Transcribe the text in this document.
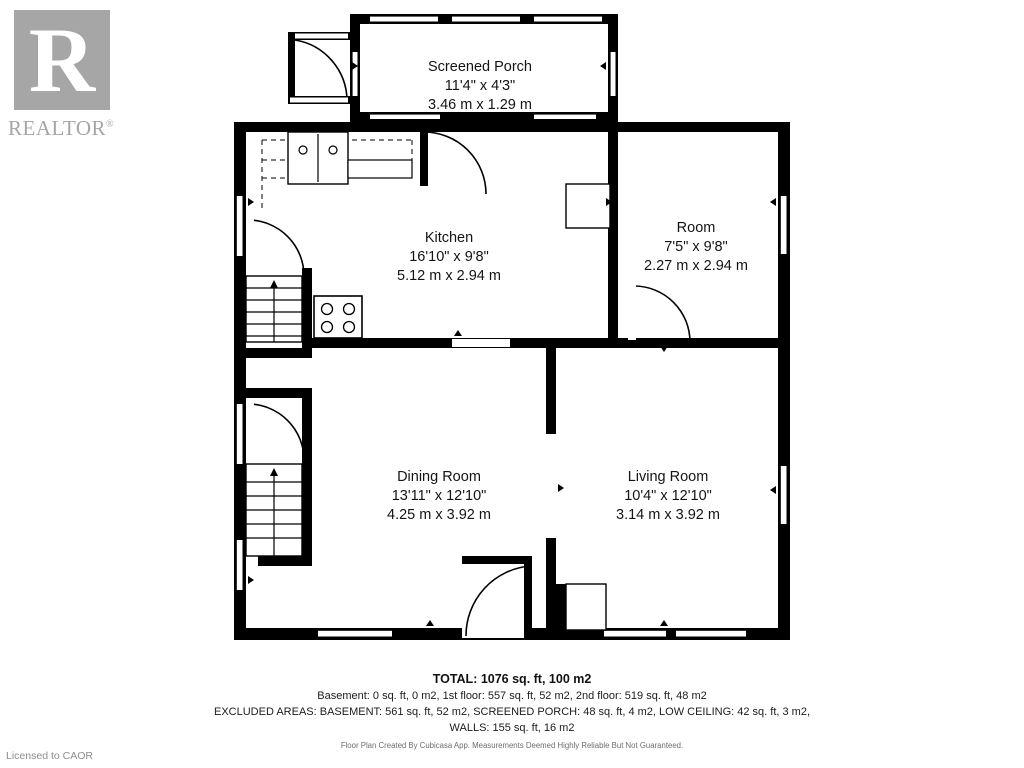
R
REALTOR®
Screened Porch
11'4" x 4'3"
3.46 m x 1.29 m
Kitchen
16'10" x 9'8"
5.12 m x 2.94 m
Room
7'5" x 9'8"
2.27 m x 2.94 m
Dining Room
13'11" x 12'10"
4.25 m x 3.92 m
Living Room
10'4" x 12'10"
3.14 m x 3.92 m
TOTAL: 1076 sq. ft, 100 m2
Basement: 0 sq. ft, 0 m2, 1st floor: 557 sq. ft, 52 m2, 2nd floor: 519 sq. ft, 48 m2
EXCLUDED AREAS: BASEMENT: 561 sq. ft, 52 m2, SCREENED PORCH: 48 sq. ft, 4 m2, LOW CEILING: 42 sq. ft, 3 m2,
WALLS: 155 sq. ft, 16 m2
Floor Plan Created By Cubicasa App. Measurements Deemed Highly Reliable But Not Guaranteed.
Licensed to CAOR
